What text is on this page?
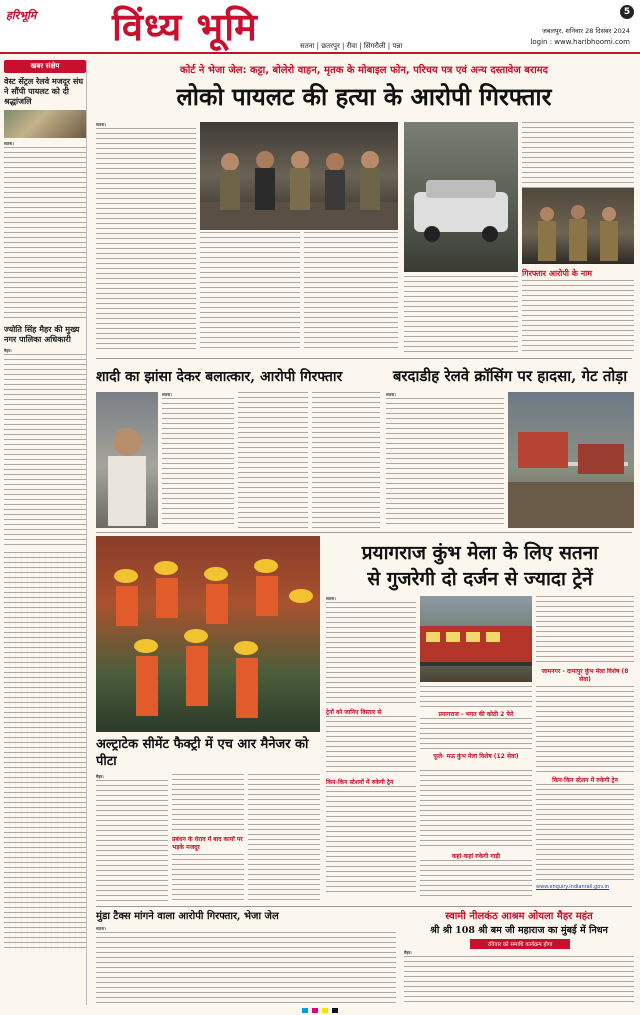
हरिभूमि विंध्य भूमि	सतना | छतरपुर | रीवा | सिंगरौली | पन्ना
5
जबलपुर, शनिवार 28 दिसंबर 2024
login : www.haribhoomi.com
खबर संक्षेप
वेस्ट सेंट्रल रेलवे मजदूर संघ ने सौंपी पायलट को दी श्रद्धांजलि
सतना।
ज्योति सिंह मैहर की मुख्य नगर पालिका अधिकारी
मैहर।
कोर्ट ने भेजा जेल: कट्टा, बोलेरो वाहन, मृतक के मोबाइल फोन, परिचय पत्र एवं अन्य दस्तावेज बरामद
लोको पायलट की हत्या के आरोपी गिरफ्तार
सतना।
गिरफ्तार आरोपी के नाम
शादी का झांसा देकर बलात्कार, आरोपी गिरफ्तार
सतना।
बरदाडीह रेलवे क्रॉसिंग पर हादसा, गेट तोड़ा
सतना।
प्रयागराज कुंभ मेला के लिए सतना
से गुजरेगी दो दर्जन से ज्यादा ट्रेनें
सतना।
ट्रेनों को जानिए विस्तार से
किन-किन स्टेशनों में रुकेगी ट्रेन
प्रयागराज - भगत की कोठी 2 फेरे
फूले- मऊ कुंभ मेला विशेष (12 सेवा)
कहां-कहां रुकेगी गाड़ी
जामनगर - दामापुर कुंभ मेला विशेष (8 सेवा)
किन-किन स्टेशन में रुकेगी ट्रेन
www.enquiry.indianrail.gov.in
अल्ट्राटेक सीमेंट फैक्ट्री में एच आर मैनेजर को पीटा
मैहर।
प्रबंधन के घेराव में बाद कायों पर भड़के मजदूर
मुंडा टैक्स मांगने वाला आरोपी गिरफ्तार, भेजा जेल
सतना।
स्वामी नीलकंठ आश्रम ओयला मैहर महंत
श्री श्री 108 श्री बम जी महाराज का मुंबई में निधन
रविवार को समाधि कार्यक्रम होगा
मैहर।
